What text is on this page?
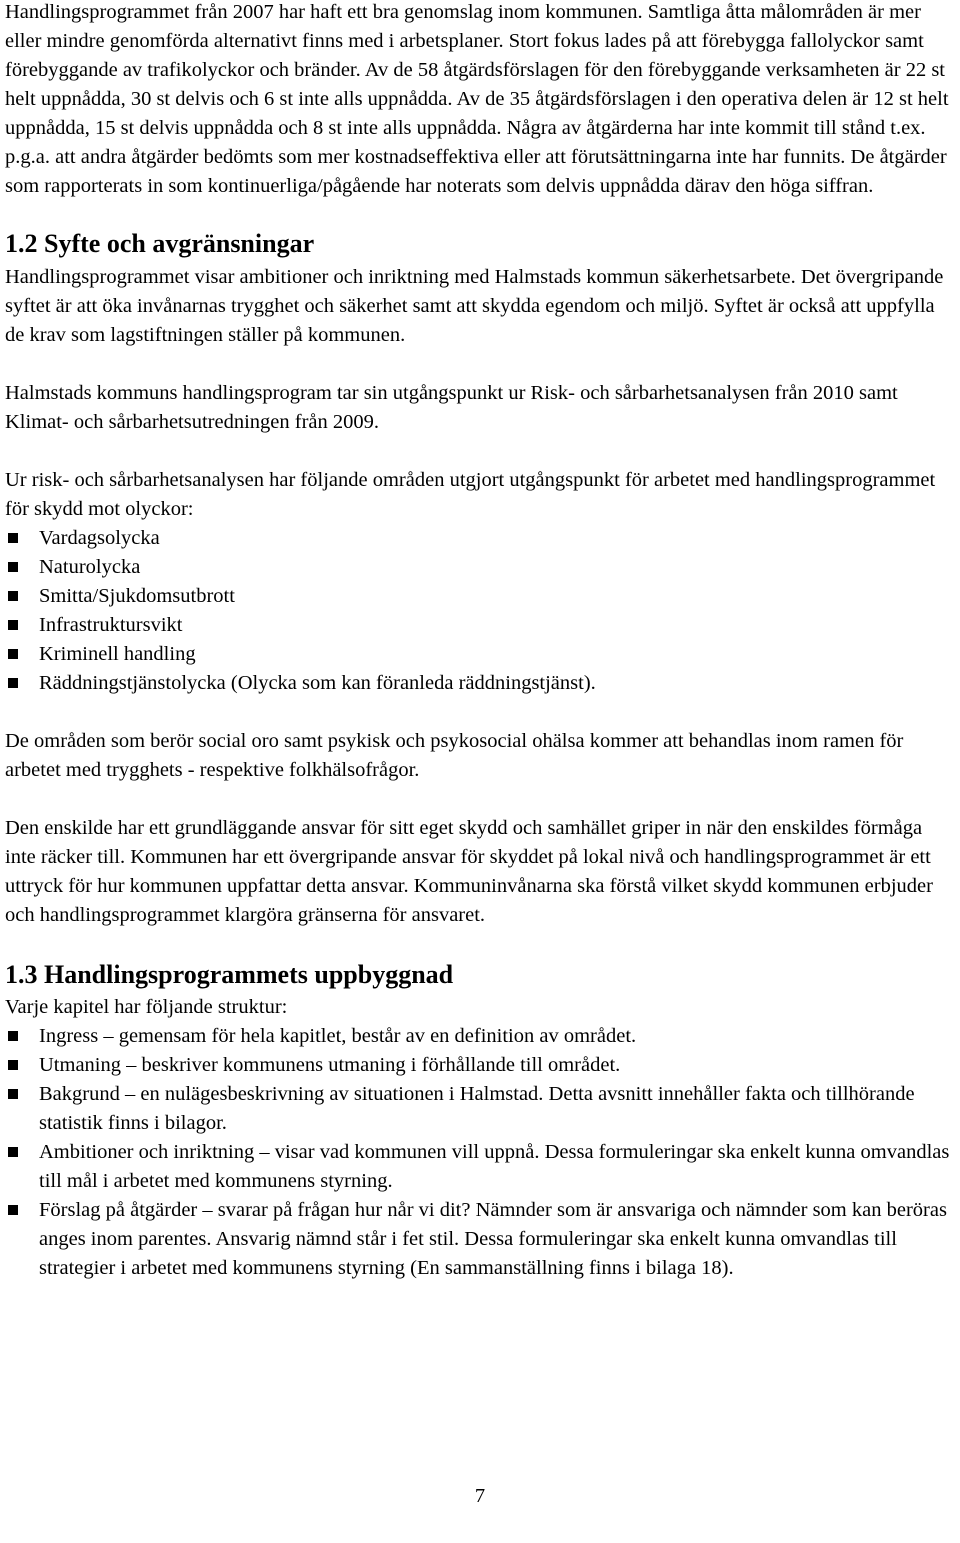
Handlingsprogrammet från 2007 har haft ett bra genomslag inom kommunen. Samtliga åtta målområden är mer eller mindre genomförda alternativt finns med i arbetsplaner. Stort fokus lades på att förebygga fallolyckor samt förebyggande av trafikolyckor och bränder. Av de 58 åtgärdsförslagen för den förebyggande verksamheten är 22 st helt uppnådda, 30 st delvis och 6 st inte alls uppnådda. Av de 35 åtgärdsförslagen i den operativa delen är 12 st helt uppnådda, 15 st delvis uppnådda och 8 st inte alls uppnådda. Några av åtgärderna har inte kommit till stånd t.ex. p.g.a. att andra åtgärder bedömts som mer kostnadseffektiva eller att förutsättningarna inte har funnits. De åtgärder som rapporterats in som kontinuerliga/pågående har noterats som delvis uppnådda därav den höga siffran.

1.2 Syfte och avgränsningar

Handlingsprogrammet visar ambitioner och inriktning med Halmstads kommun säkerhetsarbete. Det övergripande syftet är att öka invånarnas trygghet och säkerhet samt att skydda egendom och miljö. Syftet är också att uppfylla de krav som lagstiftningen ställer på kommunen.

Halmstads kommuns handlingsprogram tar sin utgångspunkt ur Risk- och sårbarhetsanalysen från 2010 samt Klimat- och sårbarhetsutredningen från 2009.

Ur risk- och sårbarhetsanalysen har följande områden utgjort utgångspunkt för arbetet med handlingsprogrammet för skydd mot olyckor:

Vardagsolycka
Naturolycka
Smitta/Sjukdomsutbrott
Infrastruktursvikt
Kriminell handling
Räddningstjänstolycka (Olycka som kan föranleda räddningstjänst).

De områden som berör social oro samt psykisk och psykosocial ohälsa kommer att behandlas inom ramen för arbetet med trygghets - respektive folkhälsofrågor.

Den enskilde har ett grundläggande ansvar för sitt eget skydd och samhället griper in när den enskildes förmåga inte räcker till. Kommunen har ett övergripande ansvar för skyddet på lokal nivå och handlingsprogrammet är ett uttryck för hur kommunen uppfattar detta ansvar. Kommuninvånarna ska förstå vilket skydd kommunen erbjuder och handlingsprogrammet klargöra gränserna för ansvaret.

1.3 Handlingsprogrammets uppbyggnad

Varje kapitel har följande struktur:

Ingress – gemensam för hela kapitlet, består av en definition av området.
Utmaning – beskriver kommunens utmaning i förhållande till området.
Bakgrund – en nulägesbeskrivning av situationen i Halmstad. Detta avsnitt innehåller fakta och tillhörande statistik finns i bilagor.
Ambitioner och inriktning – visar vad kommunen vill uppnå. Dessa formuleringar ska enkelt kunna omvandlas till mål i arbetet med kommunens styrning.
Förslag på åtgärder – svarar på frågan hur når vi dit? Nämnder som är ansvariga och nämnder som kan beröras anges inom parentes. Ansvarig nämnd står i fet stil. Dessa formuleringar ska enkelt kunna omvandlas till strategier i arbetet med kommunens styrning (En sammanställning finns i bilaga 18).
7
